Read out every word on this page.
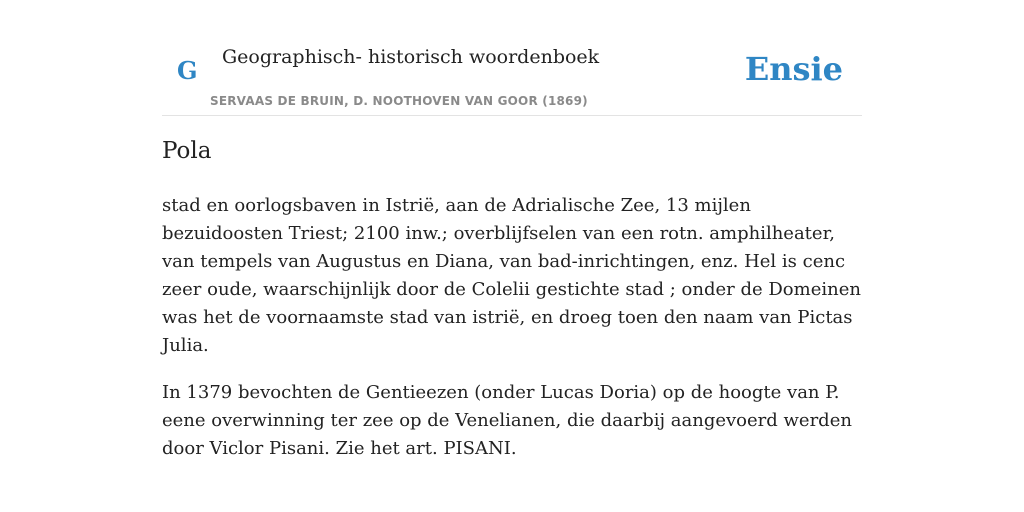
G Geographisch- historisch woordenboek
SERVAAS DE BRUIN, D. NOOTHOVEN VAN GOOR (1869)
Ensie
Pola

stad en oorlogsbaven in Istrië, aan de Adrialische Zee, 13 mijlen bezuidoosten Triest; 2100 inw.; overblijfselen van een rotn. amphilheater, van tempels van Augustus en Diana, van bad-inrichtingen, enz. Hel is cenc zeer oude, waarschijnlijk door de Colelii gestichte stad ; onder de Domeinen was het de voornaamste stad van istrië, en droeg toen den naam van Pictas Julia.

In 1379 bevochten de Gentieezen (onder Lucas Doria) op de hoogte van P. eene overwinning ter zee op de Venelianen, die daarbij aangevoerd werden door Viclor Pisani. Zie het art. PISANI.
